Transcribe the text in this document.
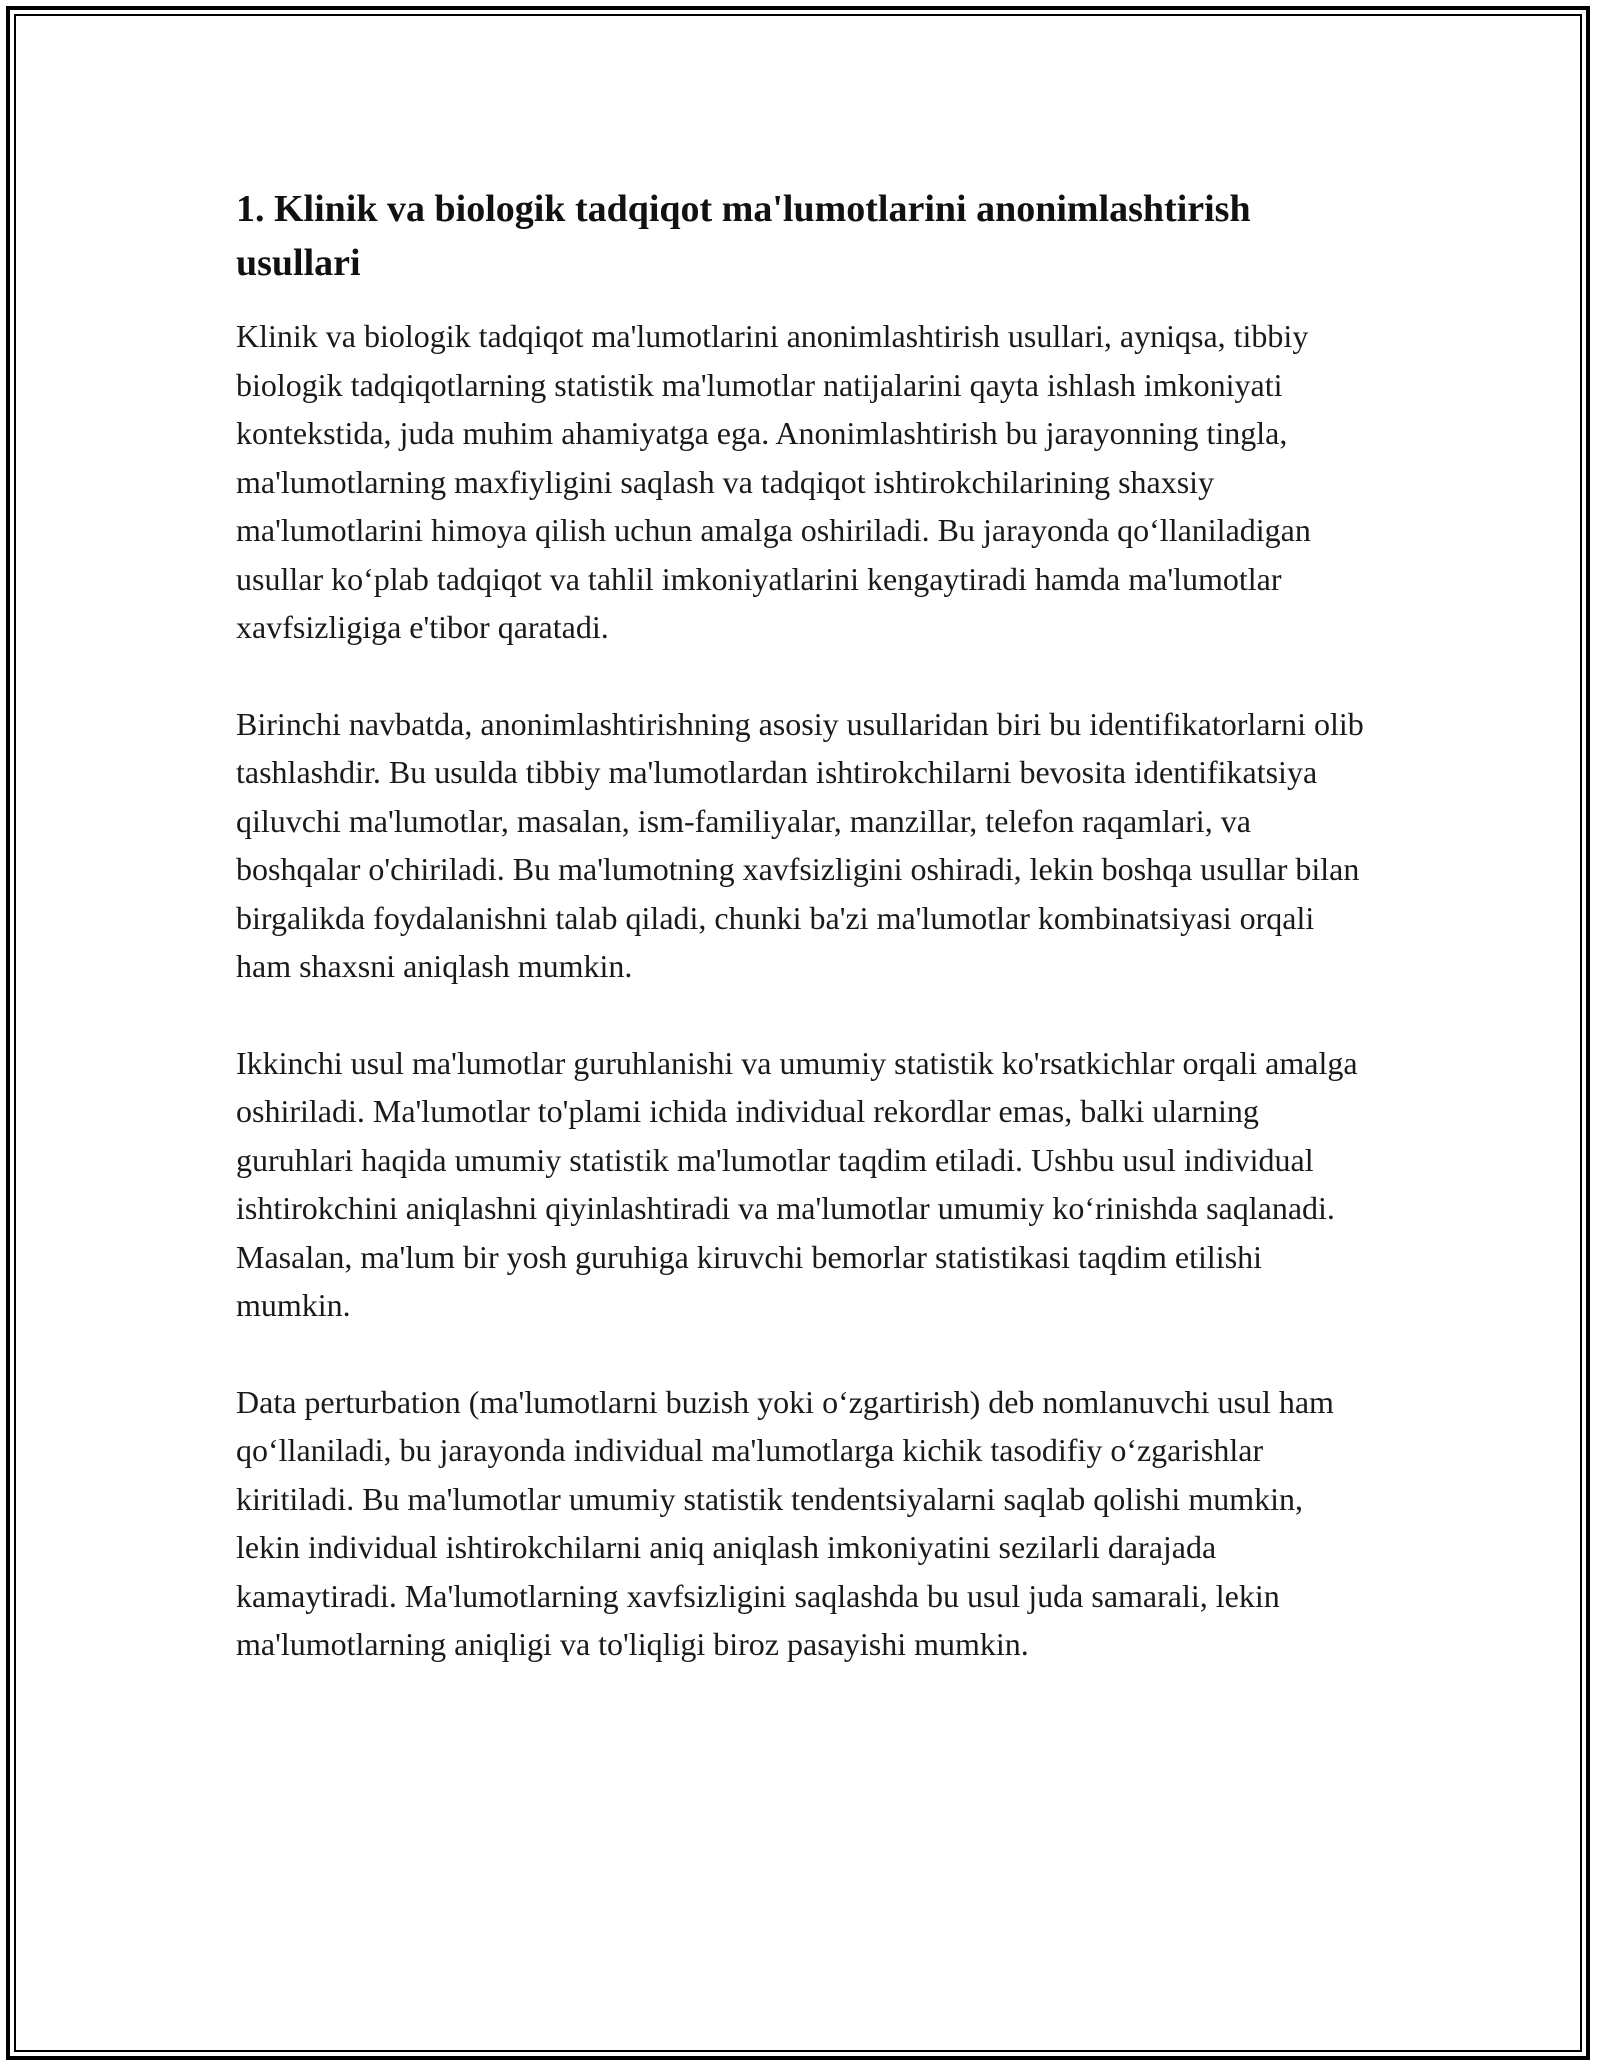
1. Klinik va biologik tadqiqot ma'lumotlarini anonimlashtirish usullari

Klinik va biologik tadqiqot ma'lumotlarini anonimlashtirish usullari, ayniqsa, tibbiy biologik tadqiqotlarning statistik ma'lumotlar natijalarini qayta ishlash imkoniyati kontekstida, juda muhim ahamiyatga ega. Anonimlashtirish bu jarayonning tingla, ma'lumotlarning maxfiyligini saqlash va tadqiqot ishtirokchilarining shaxsiy ma'lumotlarini himoya qilish uchun amalga oshiriladi. Bu jarayonda qo‘llaniladigan usullar ko‘plab tadqiqot va tahlil imkoniyatlarini kengaytiradi hamda ma'lumotlar xavfsizligiga e'tibor qaratadi.

Birinchi navbatda, anonimlashtirishning asosiy usullaridan biri bu identifikatorlarni olib tashlashdir. Bu usulda tibbiy ma'lumotlardan ishtirokchilarni bevosita identifikatsiya qiluvchi ma'lumotlar, masalan, ism-familiyalar, manzillar, telefon raqamlari, va boshqalar o'chiriladi. Bu ma'lumotning xavfsizligini oshiradi, lekin boshqa usullar bilan birgalikda foydalanishni talab qiladi, chunki ba'zi ma'lumotlar kombinatsiyasi orqali ham shaxsni aniqlash mumkin.

Ikkinchi usul ma'lumotlar guruhlanishi va umumiy statistik ko'rsatkichlar orqali amalga oshiriladi. Ma'lumotlar to'plami ichida individual rekordlar emas, balki ularning guruhlari haqida umumiy statistik ma'lumotlar taqdim etiladi. Ushbu usul individual ishtirokchini aniqlashni qiyinlashtiradi va ma'lumotlar umumiy ko‘rinishda saqlanadi. Masalan, ma'lum bir yosh guruhiga kiruvchi bemorlar statistikasi taqdim etilishi mumkin.

Data perturbation (ma'lumotlarni buzish yoki o‘zgartirish) deb nomlanuvchi usul ham qo‘llaniladi, bu jarayonda individual ma'lumotlarga kichik tasodifiy o‘zgarishlar kiritiladi. Bu ma'lumotlar umumiy statistik tendentsiyalarni saqlab qolishi mumkin, lekin individual ishtirokchilarni aniq aniqlash imkoniyatini sezilarli darajada kamaytiradi. Ma'lumotlarning xavfsizligini saqlashda bu usul juda samarali, lekin ma'lumotlarning aniqligi va to'liqligi biroz pasayishi mumkin.
